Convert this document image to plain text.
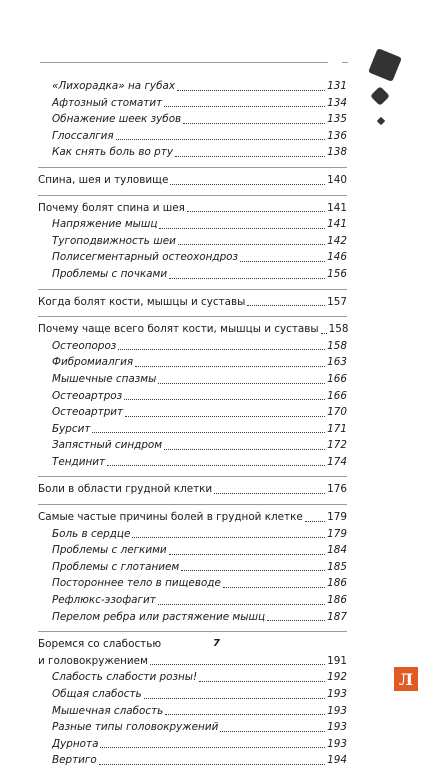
«Лихорадка» на губах	131
Афтозный стоматит	134
Обнажение шеек зубов	135
Глоссалгия	136
Как снять боль во рту	138
Спина, шея и туловище	140
Почему болят спина и шея	141
Напряжение мышц	141
Тугоподвижность шеи	142
Полисегментарный остеохондроз	146
Проблемы с почками	156
Когда болят кости, мышцы и суставы	157
Почему чаще всего болят кости, мышцы и суставы 158
Остеопороз	158
Фибромиалгия	163
Мышечные спазмы	166
Остеоартроз	166
Остеоартрит	170
Бурсит	171
Запястный синдром	172
Тендинит	174
Боли в области грудной клетки	176
Самые частые причины болей в грудной клетке 179
Боль в сердце	179
Проблемы с легкими	184
Проблемы с глотанием	185
Постороннее тело в пищеводе	186
Рефлюкс-эзофагит	186
Перелом ребра или растяжение мышц	187
Боремся со слабостью
и головокружением	191
Слабость слабости розны!	192
Общая слабость	193
Мышечная слабость	193
Разные типы головокружений	193
Дурнота	193
Вертиго	194
7
Л
